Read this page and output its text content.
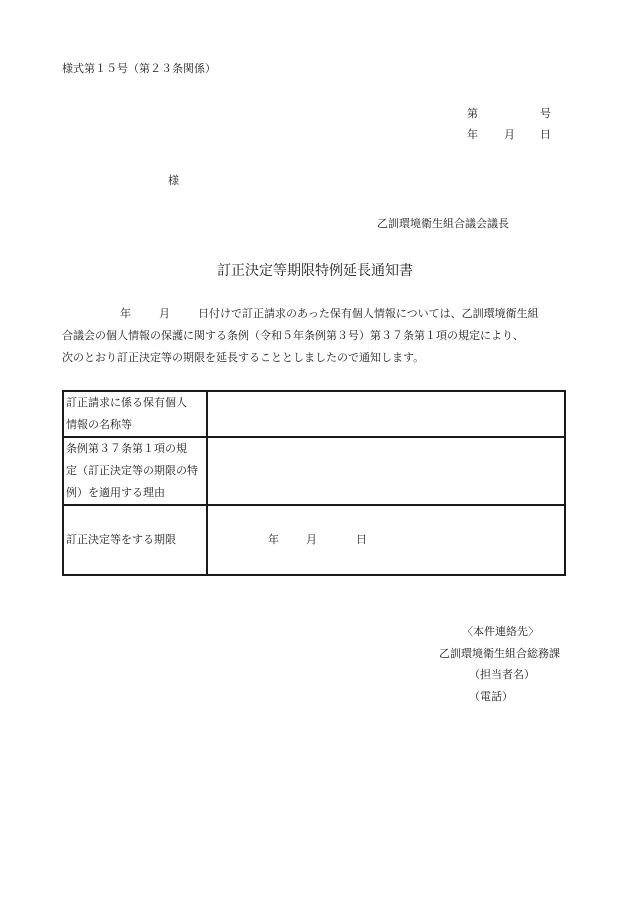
様式第１５号（第２３条関係）
第	号
年 月 日
様
乙訓環境衛生組合議会議長
訂正決定等期限特例延長通知書
年	月	日付けで訂正請求のあった保有個人情報については、乙訓環境衛生組
合議会の個人情報の保護に関する条例（令和５年条例第３号）第３７条第１項の規定により、
次のとおり訂正決定等の期限を延長することとしましたので通知します。
訂正請求に係る保有個人
情報の名称等	

条例第３７条第１項の規
定（訂正決定等の期限の特
例）を適用する理由	

訂正決定等をする期限	年 月 日
〈本件連絡先〉
乙訓環境衛生組合総務課
（担当者名）
（電話）
